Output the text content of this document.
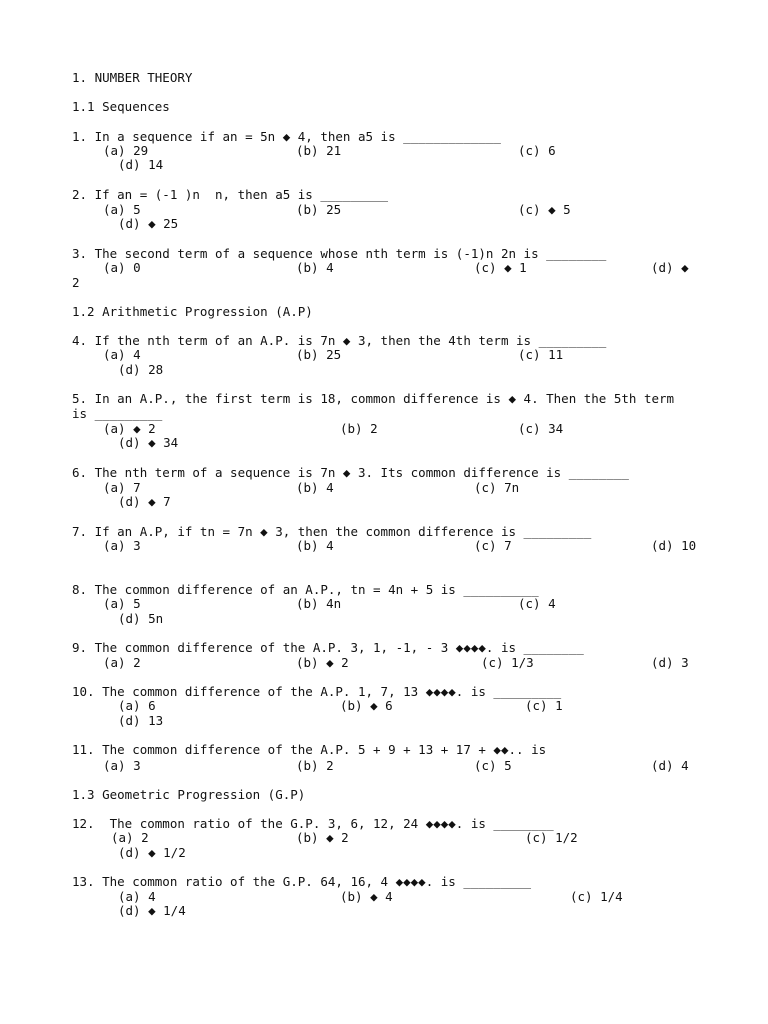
1. NUMBER THEORY
1.1 Sequences
1. In a sequence if an = 5n ◆ 4, then a5 is _____________
(a) 29	(b) 21	(c) 6
(d) 14
2. If an = (-1 )n  n, then a5 is _________
(a) 5	(b) 25	(c) ◆ 5
(d) ◆ 25
3. The second term of a sequence whose nth term is (-1)n 2n is ________
(a) 0	(b) 4	(c) ◆ 1	(d) ◆
2
1.2 Arithmetic Progression (A.P)
4. If the nth term of an A.P. is 7n ◆ 3, then the 4th term is _________
(a) 4	(b) 25	(c) 11
(d) 28
5. In an A.P., the first term is 18, common difference is ◆ 4. Then the 5th term
is _________
(a) ◆ 2	(b) 2	(c) 34
(d) ◆ 34
6. The nth term of a sequence is 7n ◆ 3. Its common difference is ________
(a) 7	(b) 4	(c) 7n
(d) ◆ 7
7. If an A.P, if tn = 7n ◆ 3, then the common difference is _________
(a) 3	(b) 4	(c) 7	(d) 10
8. The common difference of an A.P., tn = 4n + 5 is __________
(a) 5	(b) 4n	(c) 4
(d) 5n
9. The common difference of the A.P. 3, 1, -1, - 3 ◆◆◆◆. is ________
(a) 2	(b) ◆ 2	(c) 1/3	(d) 3
10. The common difference of the A.P. 1, 7, 13 ◆◆◆◆. is _________
(a) 6	(b) ◆ 6	(c) 1
(d) 13
11. The common difference of the A.P. 5 + 9 + 13 + 17 + ◆◆.. is
(a) 3	(b) 2	(c) 5	(d) 4
1.3 Geometric Progression (G.P)
12.  The common ratio of the G.P. 3, 6, 12, 24 ◆◆◆◆. is ________
(a) 2	(b) ◆ 2	(c) 1/2
(d) ◆ 1/2
13. The common ratio of the G.P. 64, 16, 4 ◆◆◆◆. is _________
(a) 4	(b) ◆ 4	(c) 1/4
(d) ◆ 1/4
